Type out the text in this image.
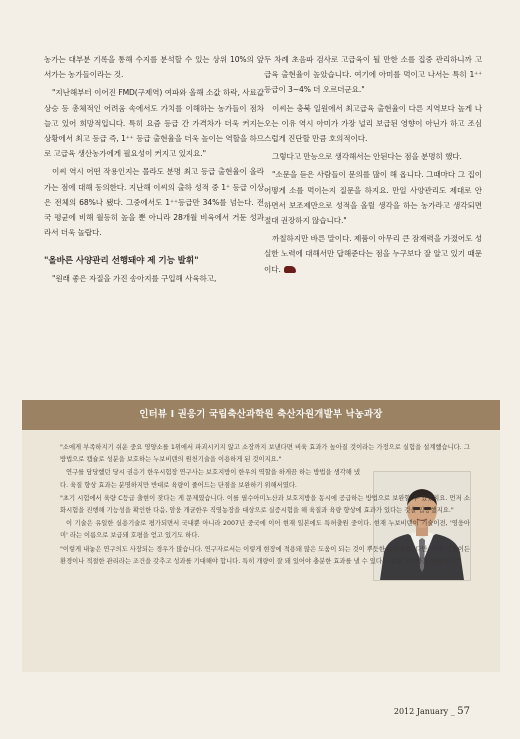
농가는 대부분 기록을 통해 수지를 분석할 수 있는 상위 10%의 앞서가는 농가들이라는 것.

"지난해부터 이어진 FMD(구제역) 여파와 올해 소값 하락, 사료값 상승 등 총체적인 어려움 속에서도 가치를 이해하는 농가들이 점차 늘고 있어 희망적입니다. 특히 요즘 등급 간 가격차가 더욱 커지는 상황에서 최고 등급 즉, 1⁺⁺ 등급 출현율을 더욱 높이는 역할을 하므로 고급육 생산농가에게 필요성이 커지고 있지요."

이씨 역시 어떤 작용인지는 몰라도 분명 최고 등급 출현율이 올라가는 점에 대해 동의한다. 지난해 이씨의 출하 성적 중 1⁺ 등급 이상은 전체의 68%나 됐다. 그중에서도 1⁺⁺등급만 34%를 넘는다. 전국 평균에 비해 월등히 높을 뿐 아니라 28개월 비육에서 거둔 성과라서 더욱 놀랍다.

"올바른 사양관리 선행돼야 제 기능 발휘"

"원래 좋은 자질을 가진 송아지를 구입해 사육하고,

두 차례 초음파 검사로 고급육이 될 만한 소를 집중 관리하니까 고급육 출현율이 높았습니다. 여기에 아미를 먹이고 나서는 특히 1⁺⁺등급이 3~4% 더 오르더군요."

이씨는 충북 일원에서 최고급육 출현율이 다른 지역보다 높게 나오는 이유 역시 아미가 가장 널리 보급된 영향이 아닌가 하고 조심스럽게 진단할 만큼 호의적이다.

그렇다고 만능으로 생각해서는 안된다는 점을 분명히 했다.

"소문을 듣은 사람들이 문의를 많이 해 옵니다. 그때마다 그 집이 어떻게 소를 먹이는지 질문을 하지요. 만일 사양관리도 제대로 안 하면서 보조제만으로 성적을 올릴 생각을 하는 농가라고 생각되면 절대 권장하지 않습니다."

까칠하지만 바른 말이다. 제품이 아무리 큰 잠재력을 가졌어도 성실한 노력에 대해서만 답해준다는 점을 누구보다 잘 알고 있기 때문이다.

인터뷰 I 권응기 국립축산과학원 축산자원개발부 낙농과장

"소에게 부족하지기 쉬운 중요 영양소를 1위에서 파괴시키지 않고 소장까지 보낸다면 비육 효과가 높아질 것이라는 가정으로 실험을 설계했습니다. 그 방법으로 캡슐로 성분을 보호하는 누보비덴의 원천기술을 이용하게 된 것이지요."

연구를 담당했던 당시 권응기 한우시험장 연구사는 보호지방이 한우의 역할을 하게끔 하는 방법을 생각해 냈다. 육질 향상 효과는 분명하지만 반대로 육량이 줄어드는 단점을 보완하기 위해서였다.

"초기 시험에서 육량 C등급 출현이 잦다는 게 문제였습니다. 이를 필수아미노산과 보호지방을 동시에 공급하는 방법으로 보완할 수 있었지요. 먼저 소화시험을 진행해 기능성을 확인한 다음, 암웅 개균한우 직영농장을 대상으로 실증시험을 해 육질과 육량 향상에 효과가 있다는 것을 입증했지요."

이 기술은 유일한 실용기술로 평가되면서 국내뿐 아니라 2007년 중국에 이어 현재 일본에도 특허출원 중이다. 현재 누보비덴이 기술이전, '영웅아미' 라는 이름으로 보급돼 호평을 얻고 있기도 하다.

"이렇게 내놓은 연구의도 사장되는 경우가 많습니다. 연구자로서는 이렇게 현장에 적용돼 많은 도움이 되는 것이 뿌듯한 일이지요. 다만, 어떤 기술이든 환경이나 적절한 관리라는 조건을 갖추고 성과를 기대해야 합니다. 특히 개량이 잘 돼 있어야 충분한 효과를 낼 수 있다는 점을 강조하고 싶습니다."

2012 January _ 57
